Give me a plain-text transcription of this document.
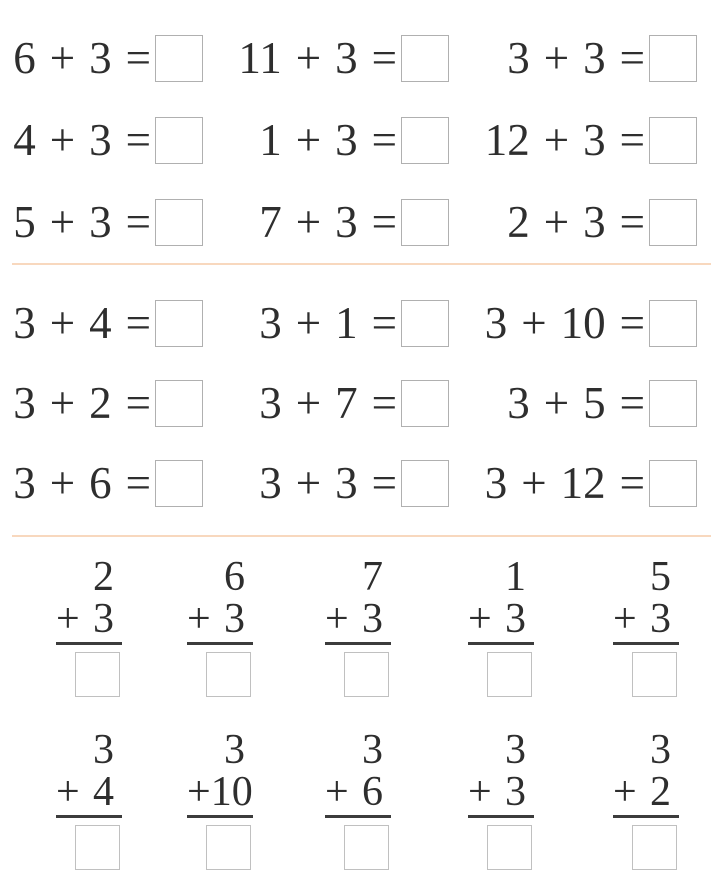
6 + 3 = 11 + 3 = 3 + 3 =
4 + 3 = 1 + 3 = 12 + 3 =
5 + 3 = 7 + 3 = 2 + 3 =
3 + 4 = 3 + 1 = 3 + 10 =
3 + 2 = 3 + 7 = 3 + 5 =
3 + 6 = 3 + 3 = 3 + 12 =
2
+ 3
6
+ 3
7
+ 3
1
+ 3
5
+ 3
3
+ 4
3
+ 10
3
+ 6
3
+ 3
3
+ 2
